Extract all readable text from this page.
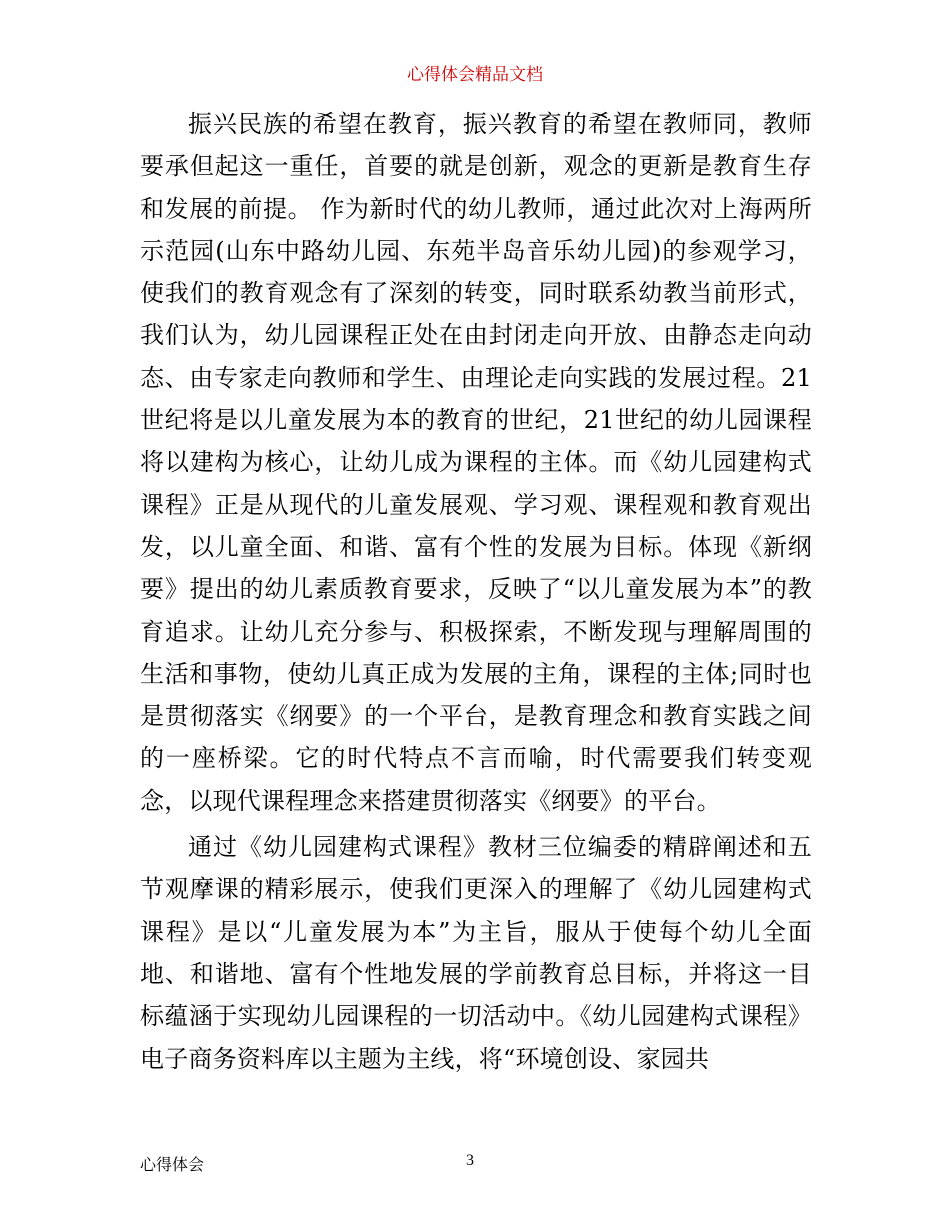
心得体会精品文档

振兴民族的希望在教育，振兴教育的希望在教师同，教师要承但起这一重任，首要的就是创新，观念的更新是教育生存和发展的前提。 作为新时代的幼儿教师，通过此次对上海两所示范园(山东中路幼儿园、东苑半岛音乐幼儿园)的参观学习，使我们的教育观念有了深刻的转变，同时联系幼教当前形式，我们认为，幼儿园课程正处在由封闭走向开放、由静态走向动态、由专家走向教师和学生、由理论走向实践的发展过程。21世纪将是以儿童发展为本的教育的世纪，21世纪的幼儿园课程将以建构为核心，让幼儿成为课程的主体。而《幼儿园建构式课程》正是从现代的儿童发展观、学习观、课程观和教育观出发，以儿童全面、和谐、富有个性的发展为目标。体现《新纲要》提出的幼儿素质教育要求，反映了“以儿童发展为本”的教育追求。让幼儿充分参与、积极探索，不断发现与理解周围的生活和事物，使幼儿真正成为发展的主角，课程的主体;同时也是贯彻落实《纲要》的一个平台，是教育理念和教育实践之间的一座桥梁。它的时代特点不言而喻，时代需要我们转变观念，以现代课程理念来搭建贯彻落实《纲要》的平台。

通过《幼儿园建构式课程》教材三位编委的精辟阐述和五节观摩课的精彩展示，使我们更深入的理解了《幼儿园建构式课程》是以“儿童发展为本”为主旨，服从于使每个幼儿全面地、和谐地、富有个性地发展的学前教育总目标，并将这一目标蕴涵于实现幼儿园课程的一切活动中。《幼儿园建构式课程》电子商务资料库以主题为主线，将“环境创设、家园共

心得体会	3
